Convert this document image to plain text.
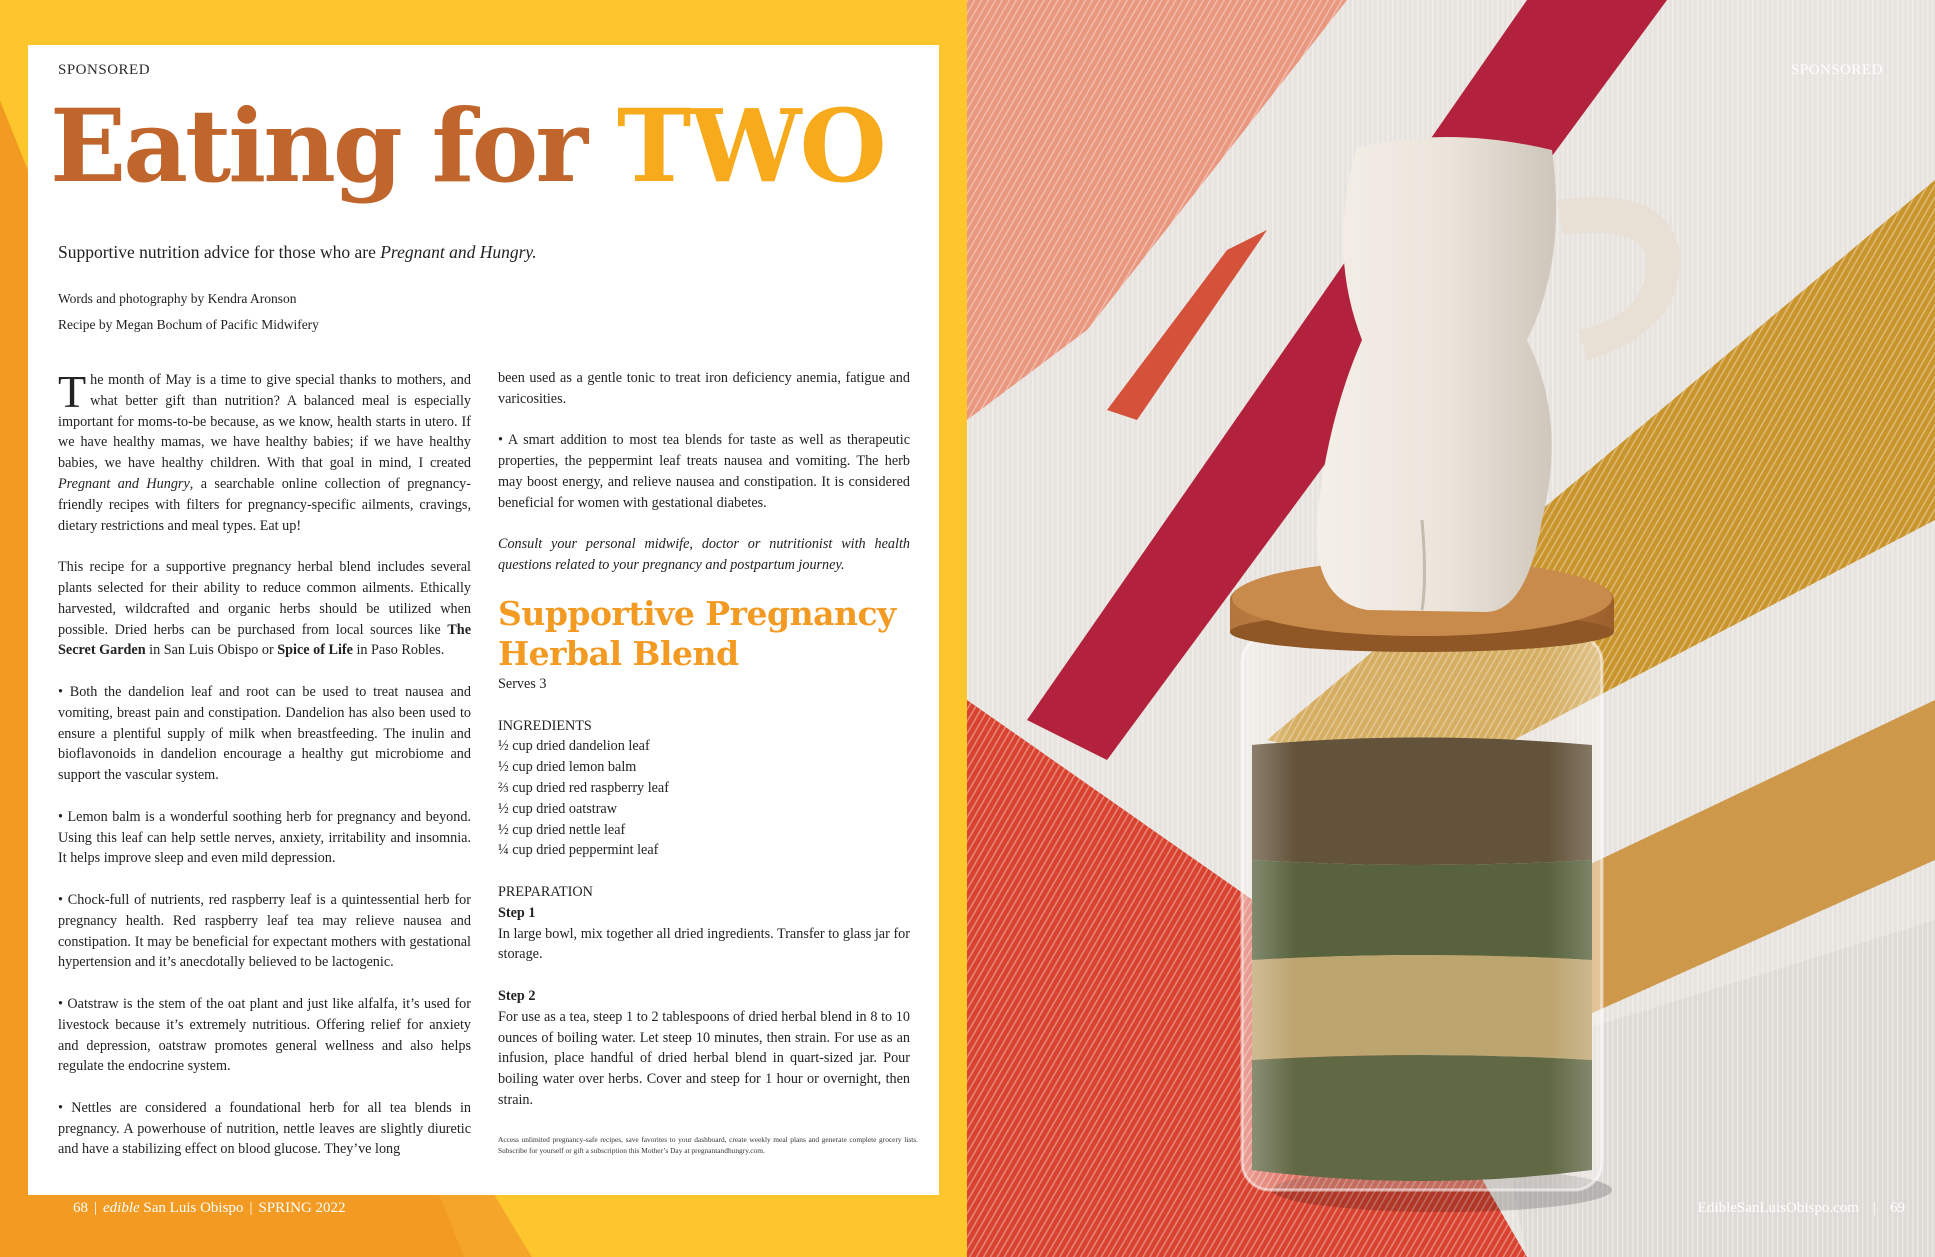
SPONSORED
Eating for TWO
Supportive nutrition advice for those who are Pregnant and Hungry.
Words and photography by Kendra Aronson
Recipe by Megan Bochum of Pacific Midwifery

The month of May is a time to give special thanks to mothers, and what better gift than nutrition? A balanced meal is especially important for moms-to-be because, as we know, health starts in utero. If we have healthy mamas, we have healthy babies; if we have healthy babies, we have healthy children. With that goal in mind, I created Pregnant and Hungry, a searchable online collection of pregnancy-friendly recipes with filters for pregnancy-specific ailments, cravings, dietary restrictions and meal types. Eat up!

This recipe for a supportive pregnancy herbal blend includes several plants selected for their ability to reduce common ailments. Ethically harvested, wildcrafted and organic herbs should be utilized when possible. Dried herbs can be purchased from local sources like The Secret Garden in San Luis Obispo or Spice of Life in Paso Robles.

• Both the dandelion leaf and root can be used to treat nausea and vomiting, breast pain and constipation. Dandelion has also been used to ensure a plentiful supply of milk when breastfeeding. The inulin and bioflavonoids in dandelion encourage a healthy gut microbiome and support the vascular system.

• Lemon balm is a wonderful soothing herb for pregnancy and beyond. Using this leaf can help settle nerves, anxiety, irritability and insomnia. It helps improve sleep and even mild depression.

• Chock-full of nutrients, red raspberry leaf is a quintessential herb for pregnancy health. Red raspberry leaf tea may relieve nausea and constipation. It may be beneficial for expectant mothers with gestational hypertension and it’s anecdotally believed to be lactogenic.

• Oatstraw is the stem of the oat plant and just like alfalfa, it’s used for livestock because it’s extremely nutritious. Offering relief for anxiety and depression, oatstraw promotes general wellness and also helps regulate the endocrine system.

• Nettles are considered a foundational herb for all tea blends in pregnancy. A powerhouse of nutrition, nettle leaves are slightly diuretic and have a stabilizing effect on blood glucose. They’ve long

been used as a gentle tonic to treat iron deficiency anemia, fatigue and varicosities.

• A smart addition to most tea blends for taste as well as therapeutic properties, the peppermint leaf treats nausea and vomiting. The herb may boost energy, and relieve nausea and constipation. It is considered beneficial for women with gestational diabetes.

Consult your personal midwife, doctor or nutritionist with health questions related to your pregnancy and postpartum journey.

Supportive Pregnancy
Herbal Blend
Serves 3
INGREDIENTS
½ cup dried dandelion leaf
½ cup dried lemon balm
⅔ cup dried red raspberry leaf
½ cup dried oatstraw
½ cup dried nettle leaf
¼ cup dried peppermint leaf
PREPARATION
Step 1

In large bowl, mix together all dried ingredients. Transfer to glass jar for storage.

Step 2

For use as a tea, steep 1 to 2 tablespoons of dried herbal blend in 8 to 10 ounces of boiling water. Let steep 10 minutes, then strain. For use as an infusion, place handful of dried herbal blend in quart-sized jar. Pour boiling water over herbs. Cover and steep for 1 hour or overnight, then strain.

Access unlimited pregnancy-safe recipes, save favorites to your dashboard, create weekly meal plans and generate complete grocery lists. Subscribe for yourself or gift a subscription this Mother’s Day at pregnantandhungry.com.
68 | edible San Luis Obispo | SPRING 2022
SPONSORED
EdibleSanLuisObispo.com | 69
